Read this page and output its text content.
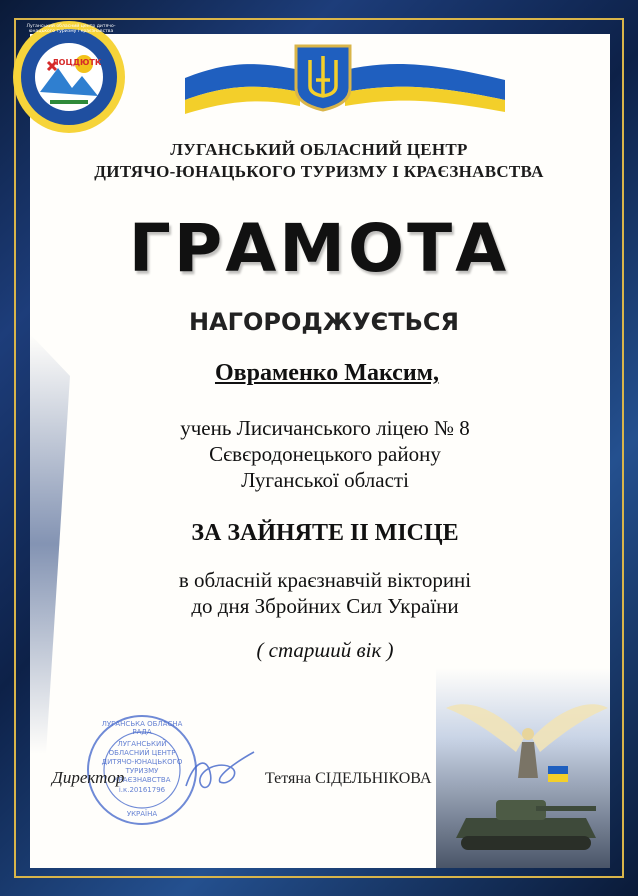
ЛОЦДЮТК
Луганський обласний центр дитячо-юнацького туризму і краєзнавства
ЛУГАНСЬКИЙ ОБЛАСНИЙ ЦЕНТР
ДИТЯЧО-ЮНАЦЬКОГО ТУРИЗМУ І КРАЄЗНАВСТВА
ГРАМОТА
НАГОРОДЖУЄТЬСЯ
Овраменко Максим,
учень Лисичанського ліцею № 8
Сєвєродонецького району
Луганської області
ЗА ЗАЙНЯТЕ ІІ МІСЦЕ
в обласній краєзнавчій вікторині
до дня Збройних Сил України
( старший вік )
ЛУГАНСЬКА ОБЛАСНА РАДА
ЛУГАНСЬКИЙ
ОБЛАСНИЙ ЦЕНТР
ДИТЯЧО-ЮНАЦЬКОГО
ТУРИЗМУ
КРАЄЗНАВСТВА
і.к.20161796
УКРАЇНА
Директор	Тетяна СІДЕЛЬНІКОВА
